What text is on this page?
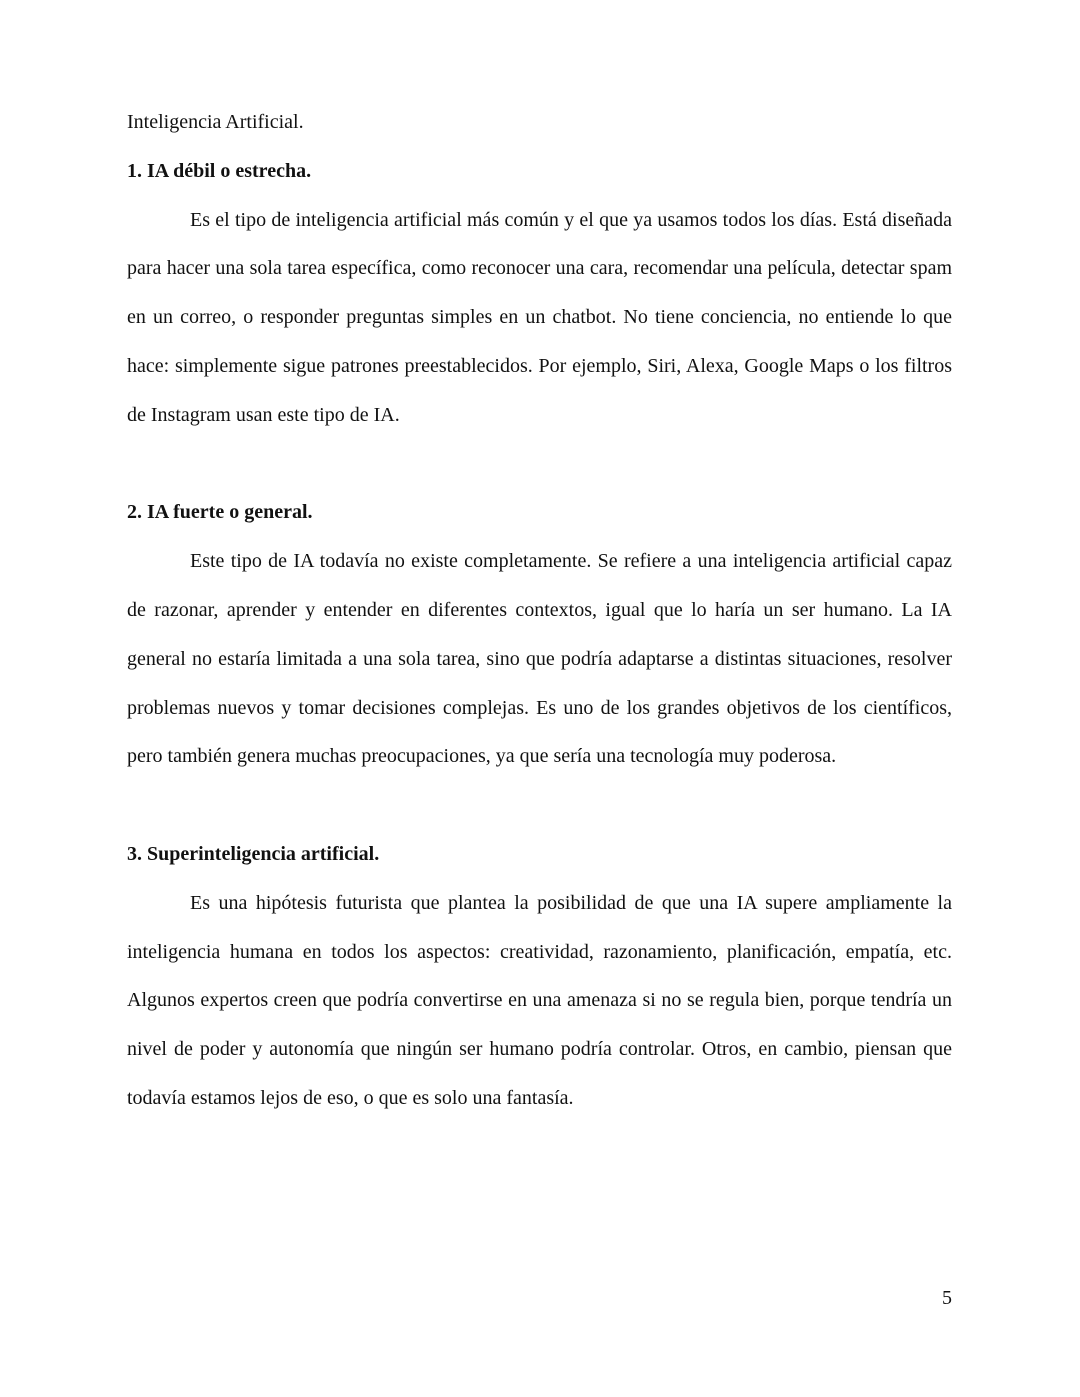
Inteligencia Artificial.

1. IA débil o estrecha.

Es el tipo de inteligencia artificial más común y el que ya usamos todos los días. Está diseñada para hacer una sola tarea específica, como reconocer una cara, recomendar una película, detectar spam en un correo, o responder preguntas simples en un chatbot. No tiene conciencia, no entiende lo que hace: simplemente sigue patrones preestablecidos. Por ejemplo, Siri, Alexa, Google Maps o los filtros de Instagram usan este tipo de IA.

2. IA fuerte o general.

Este tipo de IA todavía no existe completamente. Se refiere a una inteligencia artificial capaz de razonar, aprender y entender en diferentes contextos, igual que lo haría un ser humano. La IA general no estaría limitada a una sola tarea, sino que podría adaptarse a distintas situaciones, resolver problemas nuevos y tomar decisiones complejas. Es uno de los grandes objetivos de los científicos, pero también genera muchas preocupaciones, ya que sería una tecnología muy poderosa.

3. Superinteligencia artificial.

Es una hipótesis futurista que plantea la posibilidad de que una IA supere ampliamente la inteligencia humana en todos los aspectos: creatividad, razonamiento, planificación, empatía, etc. Algunos expertos creen que podría convertirse en una amenaza si no se regula bien, porque tendría un nivel de poder y autonomía que ningún ser humano podría controlar. Otros, en cambio, piensan que todavía estamos lejos de eso, o que es solo una fantasía.

5
